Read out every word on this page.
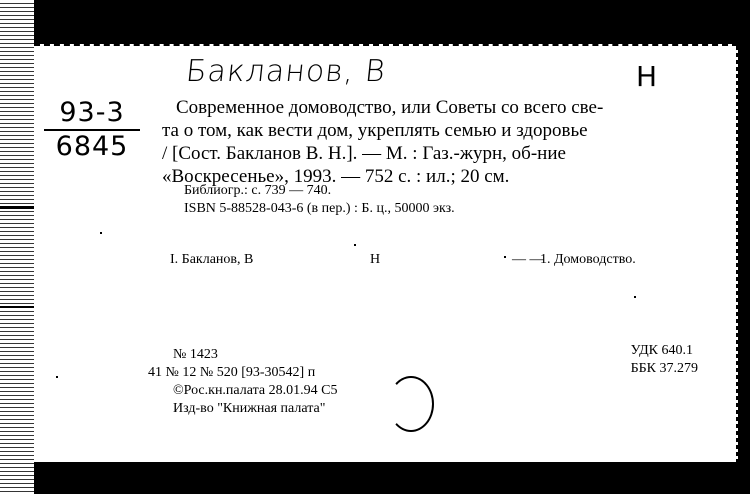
Бакланов, В	Н
93-3
6845
Современное домоводство, или Советы со всего све-
та о том, как вести дом, укреплять семью и здоровье
/ [Сост. Бакланов В. Н.]. — М. : Газ.-журн, об-ние
«Воскресенье», 1993. — 752 с. : ил.; 20 см.
Библиогр.: с. 739 — 740.
ISBN 5-88528-043-6 (в пер.) : Б. ц., 50000 экз.
I. Бакланов, В	Н	— —
1. Домоводство.
№ 1423
41 № 12 № 520 [93-30542] п
©Рос.кн.палата 28.01.94 С5
Изд-во "Книжная палата"
УДК 640.1
ББК 37.279
